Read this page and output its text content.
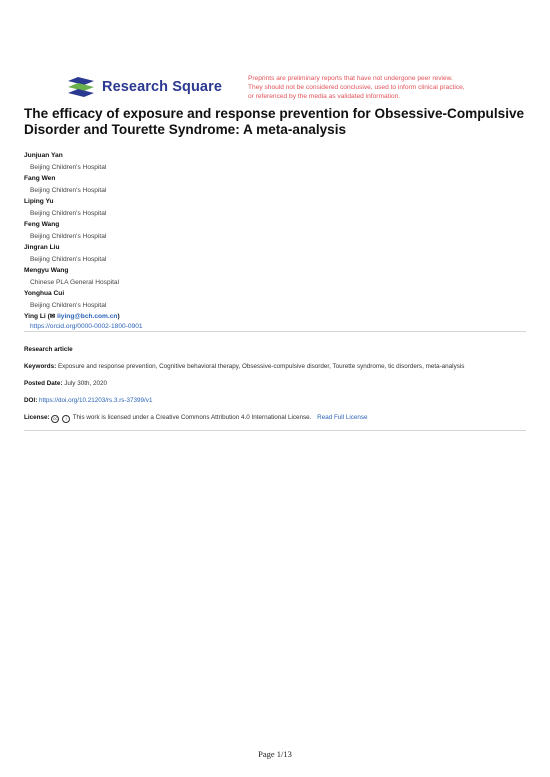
Research Square
Preprints are preliminary reports that have not undergone peer review.
They should not be considered conclusive, used to inform clinical practice,
or referenced by the media as validated information.
The efficacy of exposure and response prevention for Obsessive-Compulsive Disorder and Tourette Syndrome: A meta-analysis
Junjuan Yan
Beijing Children's Hospital
Fang Wen
Beijing Children's Hospital
Liping Yu
Beijing Children's Hospital
Feng Wang
Beijing Children's Hospital
Jingran Liu
Beijing Children's Hospital
Mengyu Wang
Chinese PLA General Hospital
Yonghua Cui
Beijing Children's Hospital
Ying Li (✉ liying@bch.com.cn)
https://orcid.org/0000-0002-1800-0901
Research article
Keywords: Exposure and response prevention, Cognitive behavioral therapy, Obsessive-compulsive disorder, Tourette syndrome, tic disorders, meta-analysis
Posted Date: July 30th, 2020
DOI: https://doi.org/10.21203/rs.3.rs-37399/v1
License: cc i This work is licensed under a Creative Commons Attribution 4.0 International License. Read Full License
Page 1/13
